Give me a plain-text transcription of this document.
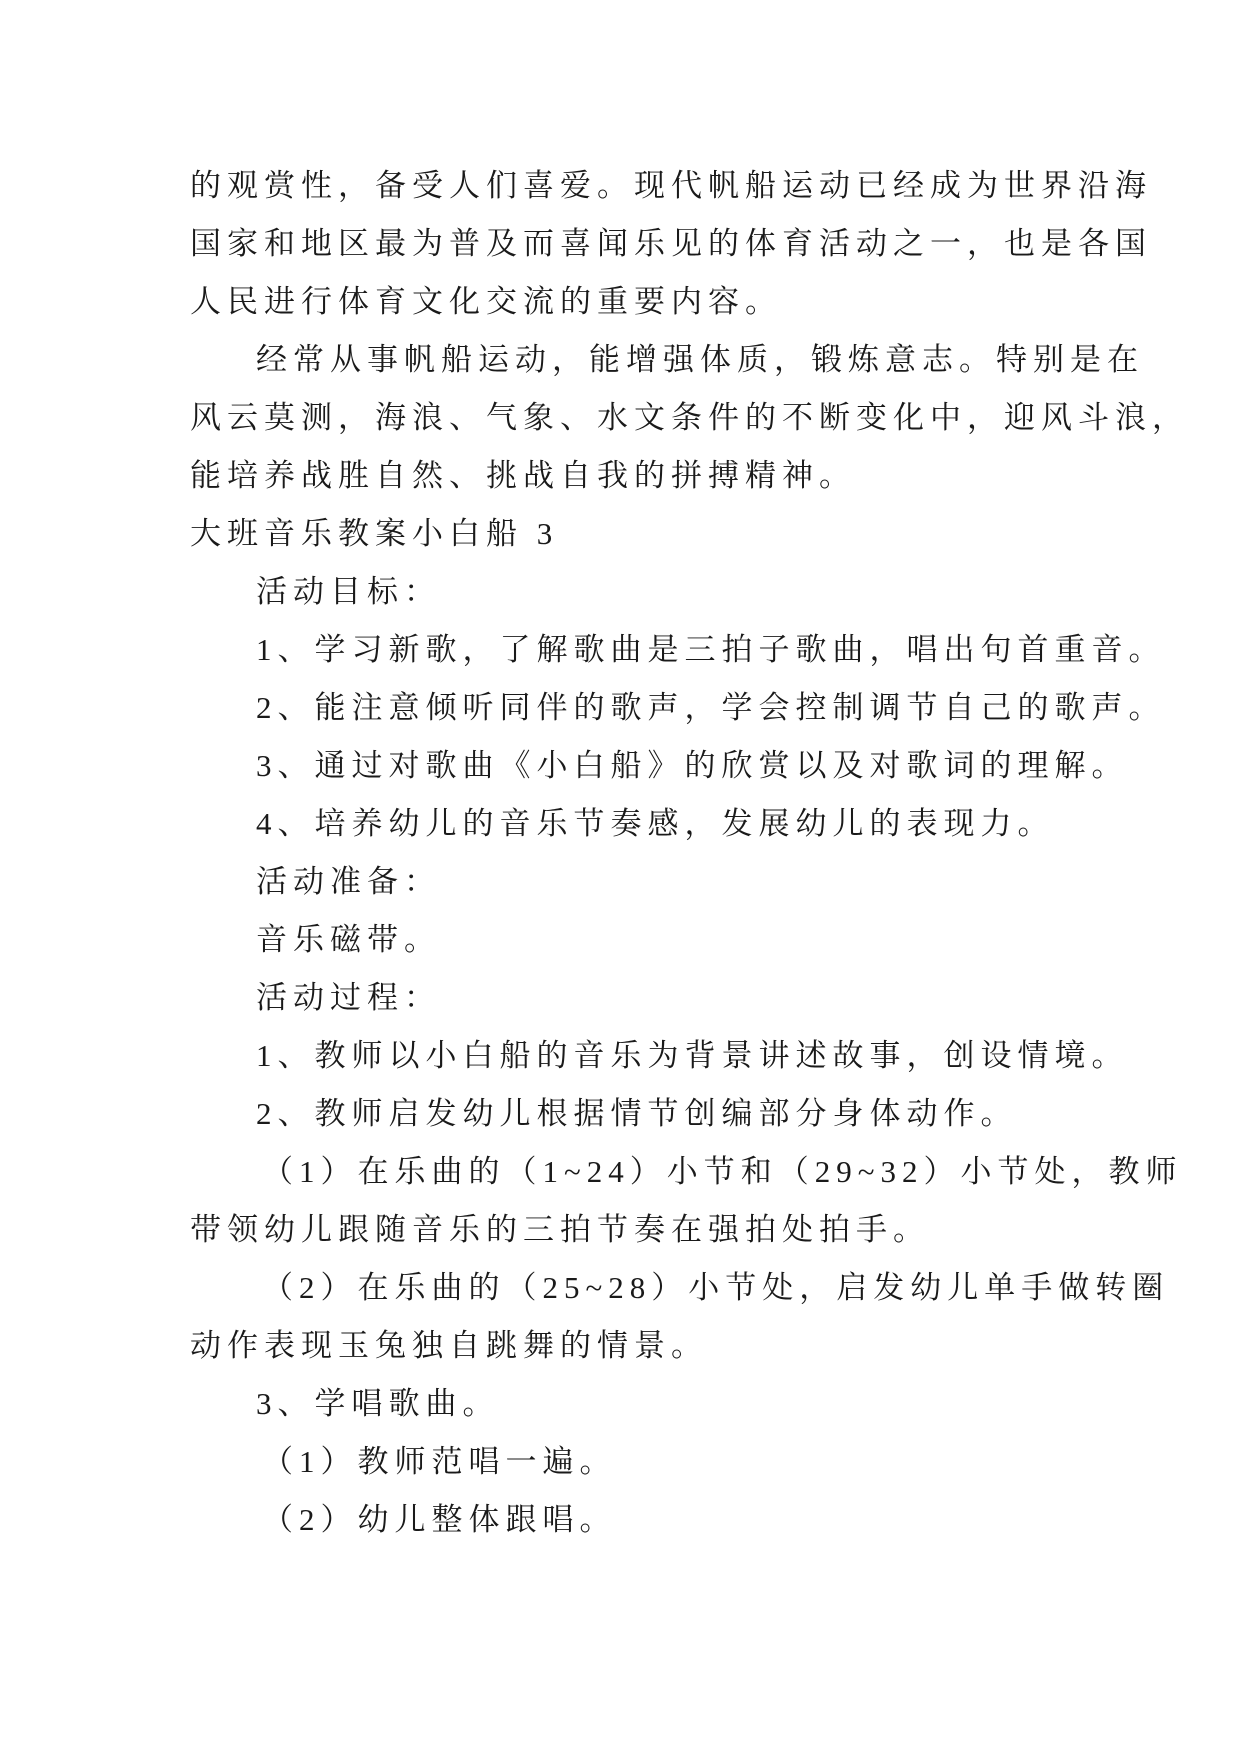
的观赏性，备受人们喜爱。现代帆船运动已经成为世界沿海
国家和地区最为普及而喜闻乐见的体育活动之一，也是各国
人民进行体育文化交流的重要内容。
经常从事帆船运动，能增强体质，锻炼意志。特别是在
风云莫测，海浪、气象、水文条件的不断变化中，迎风斗浪，
能培养战胜自然、挑战自我的拼搏精神。
大班音乐教案小白船 3
活动目标：
1、学习新歌，了解歌曲是三拍子歌曲，唱出句首重音。
2、能注意倾听同伴的歌声，学会控制调节自己的歌声。
3、通过对歌曲《小白船》的欣赏以及对歌词的理解。
4、培养幼儿的音乐节奏感，发展幼儿的表现力。
活动准备：
音乐磁带。
活动过程：
1、教师以小白船的音乐为背景讲述故事，创设情境。
2、教师启发幼儿根据情节创编部分身体动作。
（1）在乐曲的（1~24）小节和（29~32）小节处，教师
带领幼儿跟随音乐的三拍节奏在强拍处拍手。
（2）在乐曲的（25~28）小节处，启发幼儿单手做转圈
动作表现玉兔独自跳舞的情景。
3、学唱歌曲。
（1）教师范唱一遍。
（2）幼儿整体跟唱。
